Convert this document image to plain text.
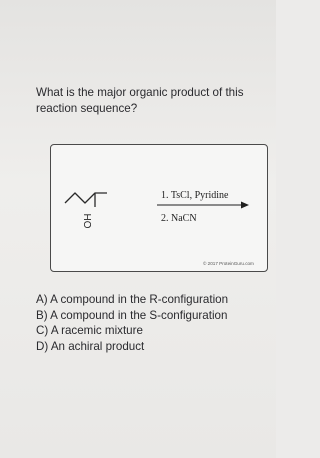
What is the major organic product of this
reaction sequence?
OH
1. TsCl, Pyridine
2. NaCN
© 2017 ProteinGuru.com
A) A compound in the R-configuration
B) A compound in the S-configuration
C) A racemic mixture
D) An achiral product
